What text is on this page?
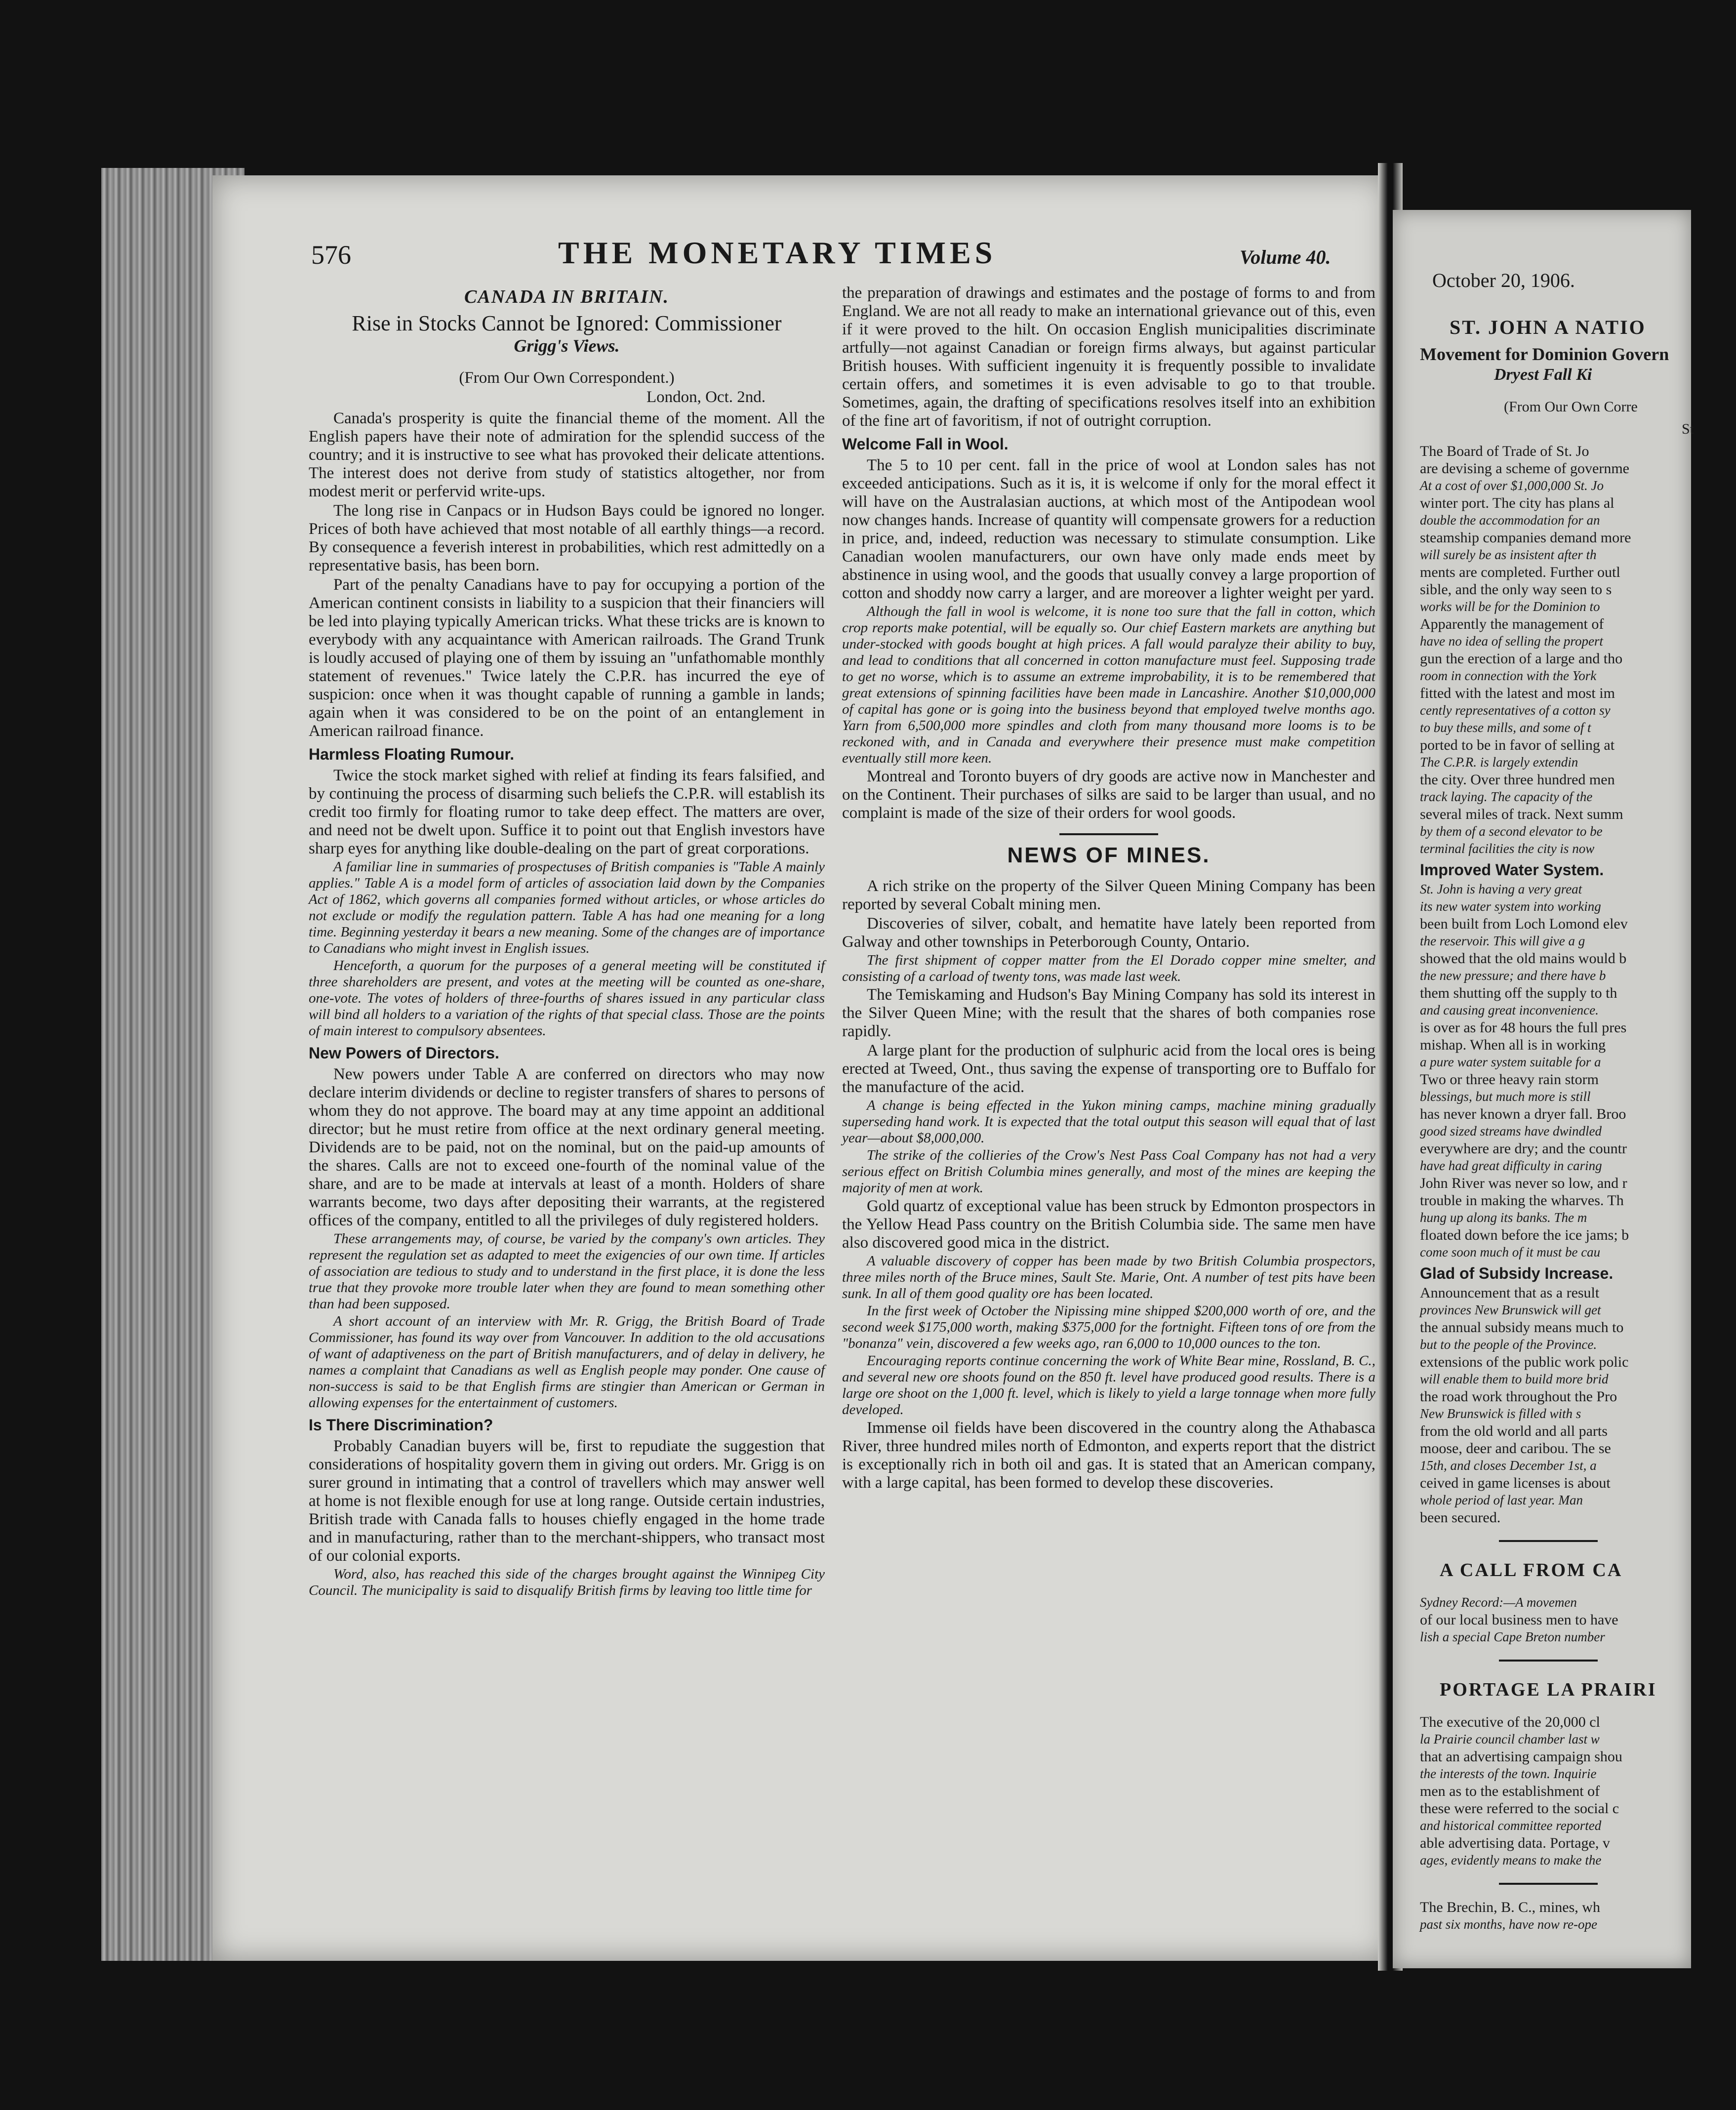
576	THE MONETARY TIMES	Volume 40.
CANADA IN BRITAIN.
Rise in Stocks Cannot be Ignored: Commissioner
Grigg's Views.
(From Our Own Correspondent.)
London, Oct. 2nd.
Canada's prosperity is quite the financial theme of the moment. All the English papers have their note of admiration for the splendid success of the country; and it is instructive to see what has provoked their delicate attentions. The interest does not derive from study of statistics altogether, nor from modest merit or perfervid write-ups.
The long rise in Canpacs or in Hudson Bays could be ignored no longer. Prices of both have achieved that most notable of all earthly things—a record. By consequence a feverish interest in probabilities, which rest admittedly on a representative basis, has been born.
Part of the penalty Canadians have to pay for occupying a portion of the American continent consists in liability to a suspicion that their financiers will be led into playing typically American tricks. What these tricks are is known to everybody with any acquaintance with American railroads. The Grand Trunk is loudly accused of playing one of them by issuing an "unfathomable monthly statement of revenues." Twice lately the C.P.R. has incurred the eye of suspicion: once when it was thought capable of running a gamble in lands; again when it was considered to be on the point of an entanglement in American railroad finance.
Harmless Floating Rumour.
Twice the stock market sighed with relief at finding its fears falsified, and by continuing the process of disarming such beliefs the C.P.R. will establish its credit too firmly for floating rumor to take deep effect. The matters are over, and need not be dwelt upon. Suffice it to point out that English investors have sharp eyes for anything like double-dealing on the part of great corporations.
A familiar line in summaries of prospectuses of British companies is "Table A mainly applies." Table A is a model form of articles of association laid down by the Companies Act of 1862, which governs all companies formed without articles, or whose articles do not exclude or modify the regulation pattern. Table A has had one meaning for a long time. Beginning yesterday it bears a new meaning. Some of the changes are of importance to Canadians who might invest in English issues.
Henceforth, a quorum for the purposes of a general meeting will be constituted if three shareholders are present, and votes at the meeting will be counted as one-share, one-vote. The votes of holders of three-fourths of shares issued in any particular class will bind all holders to a variation of the rights of that special class. Those are the points of main interest to compulsory absentees.
New Powers of Directors.
New powers under Table A are conferred on directors who may now declare interim dividends or decline to register transfers of shares to persons of whom they do not approve. The board may at any time appoint an additional director; but he must retire from office at the next ordinary general meeting. Dividends are to be paid, not on the nominal, but on the paid-up amounts of the shares. Calls are not to exceed one-fourth of the nominal value of the share, and are to be made at intervals at least of a month. Holders of share warrants become, two days after depositing their warrants, at the registered offices of the company, entitled to all the privileges of duly registered holders.
These arrangements may, of course, be varied by the company's own articles. They represent the regulation set as adapted to meet the exigencies of our own time. If articles of association are tedious to study and to understand in the first place, it is done the less true that they provoke more trouble later when they are found to mean something other than had been supposed.
A short account of an interview with Mr. R. Grigg, the British Board of Trade Commissioner, has found its way over from Vancouver. In addition to the old accusations of want of adaptiveness on the part of British manufacturers, and of delay in delivery, he names a complaint that Canadians as well as English people may ponder. One cause of non-success is said to be that English firms are stingier than American or German in allowing expenses for the entertainment of customers.
Is There Discrimination?
Probably Canadian buyers will be, first to repudiate the suggestion that considerations of hospitality govern them in giving out orders. Mr. Grigg is on surer ground in intimating that a control of travellers which may answer well at home is not flexible enough for use at long range. Outside certain industries, British trade with Canada falls to houses chiefly engaged in the home trade and in manufacturing, rather than to the merchant-shippers, who transact most of our colonial exports.
Word, also, has reached this side of the charges brought against the Winnipeg City Council. The municipality is said to disqualify British firms by leaving too little time for
the preparation of drawings and estimates and the postage of forms to and from England. We are not all ready to make an international grievance out of this, even if it were proved to the hilt. On occasion English municipalities discriminate artfully—not against Canadian or foreign firms always, but against particular British houses. With sufficient ingenuity it is frequently possible to invalidate certain offers, and sometimes it is even advisable to go to that trouble. Sometimes, again, the drafting of specifications resolves itself into an exhibition of the fine art of favoritism, if not of outright corruption.
Welcome Fall in Wool.
The 5 to 10 per cent. fall in the price of wool at London sales has not exceeded anticipations. Such as it is, it is welcome if only for the moral effect it will have on the Australasian auctions, at which most of the Antipodean wool now changes hands. Increase of quantity will compensate growers for a reduction in price, and, indeed, reduction was necessary to stimulate consumption. Like Canadian woolen manufacturers, our own have only made ends meet by abstinence in using wool, and the goods that usually convey a large proportion of cotton and shoddy now carry a larger, and are moreover a lighter weight per yard.
Although the fall in wool is welcome, it is none too sure that the fall in cotton, which crop reports make potential, will be equally so. Our chief Eastern markets are anything but under-stocked with goods bought at high prices. A fall would paralyze their ability to buy, and lead to conditions that all concerned in cotton manufacture must feel. Supposing trade to get no worse, which is to assume an extreme improbability, it is to be remembered that great extensions of spinning facilities have been made in Lancashire. Another $10,000,000 of capital has gone or is going into the business beyond that employed twelve months ago. Yarn from 6,500,000 more spindles and cloth from many thousand more looms is to be reckoned with, and in Canada and everywhere their presence must make competition eventually still more keen.
Montreal and Toronto buyers of dry goods are active now in Manchester and on the Continent. Their purchases of silks are said to be larger than usual, and no complaint is made of the size of their orders for wool goods.
NEWS OF MINES.
A rich strike on the property of the Silver Queen Mining Company has been reported by several Cobalt mining men.
Discoveries of silver, cobalt, and hematite have lately been reported from Galway and other townships in Peterborough County, Ontario.
The first shipment of copper matter from the El Dorado copper mine smelter, and consisting of a carload of twenty tons, was made last week.
The Temiskaming and Hudson's Bay Mining Company has sold its interest in the Silver Queen Mine; with the result that the shares of both companies rose rapidly.
A large plant for the production of sulphuric acid from the local ores is being erected at Tweed, Ont., thus saving the expense of transporting ore to Buffalo for the manufacture of the acid.
A change is being effected in the Yukon mining camps, machine mining gradually superseding hand work. It is expected that the total output this season will equal that of last year—about $8,000,000.
The strike of the collieries of the Crow's Nest Pass Coal Company has not had a very serious effect on British Columbia mines generally, and most of the mines are keeping the majority of men at work.
Gold quartz of exceptional value has been struck by Edmonton prospectors in the Yellow Head Pass country on the British Columbia side. The same men have also discovered good mica in the district.
A valuable discovery of copper has been made by two British Columbia prospectors, three miles north of the Bruce mines, Sault Ste. Marie, Ont. A number of test pits have been sunk. In all of them good quality ore has been located.
In the first week of October the Nipissing mine shipped $200,000 worth of ore, and the second week $175,000 worth, making $375,000 for the fortnight. Fifteen tons of ore from the "bonanza" vein, discovered a few weeks ago, ran 6,000 to 10,000 ounces to the ton.
Encouraging reports continue concerning the work of White Bear mine, Rossland, B. C., and several new ore shoots found on the 850 ft. level have produced good results. There is a large ore shoot on the 1,000 ft. level, which is likely to yield a large tonnage when more fully developed.
Immense oil fields have been discovered in the country along the Athabasca River, three hundred miles north of Edmonton, and experts report that the district is exceptionally rich in both oil and gas. It is stated that an American company, with a large capital, has been formed to develop these discoveries.
October 20, 1906.
ST. JOHN A NATIO
Movement for Dominion Govern
Dryest Fall Ki
(From Our Own Corre
St
The Board of Trade of St. Jo
are devising a scheme of governme
At a cost of over $1,000,000 St. Jo
winter port. The city has plans al
double the accommodation for an
steamship companies demand more
will surely be as insistent after th
ments are completed. Further outl
sible, and the only way seen to s
works will be for the Dominion to
Apparently the management of
have no idea of selling the propert
gun the erection of a large and tho
room in connection with the York
fitted with the latest and most im
cently representatives of a cotton sy
to buy these mills, and some of t
ported to be in favor of selling at
The C.P.R. is largely extendin
the city. Over three hundred men
track laying. The capacity of the
several miles of track. Next summ
by them of a second elevator to be
terminal facilities the city is now
Improved Water System.
St. John is having a very great
its new water system into working
been built from Loch Lomond elev
the reservoir. This will give a g
showed that the old mains would b
the new pressure; and there have b
them shutting off the supply to th
and causing great inconvenience.
is over as for 48 hours the full pres
mishap. When all is in working
a pure water system suitable for a
Two or three heavy rain storm
blessings, but much more is still
has never known a dryer fall. Broo
good sized streams have dwindled
everywhere are dry; and the countr
have had great difficulty in caring
John River was never so low, and r
trouble in making the wharves. Th
hung up along its banks. The m
floated down before the ice jams; b
come soon much of it must be cau
Glad of Subsidy Increase.
Announcement that as a result
provinces New Brunswick will get
the annual subsidy means much to
but to the people of the Province.
extensions of the public work polic
will enable them to build more brid
the road work throughout the Pro
New Brunswick is filled with s
from the old world and all parts
moose, deer and caribou. The se
15th, and closes December 1st, a
ceived in game licenses is about
whole period of last year. Man
been secured.
A CALL FROM CA
Sydney Record:—A movemen
of our local business men to have
lish a special Cape Breton number
PORTAGE LA PRAIRI
The executive of the 20,000 cl
la Prairie council chamber last w
that an advertising campaign shou
the interests of the town. Inquirie
men as to the establishment of
these were referred to the social c
and historical committee reported
able advertising data. Portage, v
ages, evidently means to make the
The Brechin, B. C., mines, wh
past six months, have now re-ope
